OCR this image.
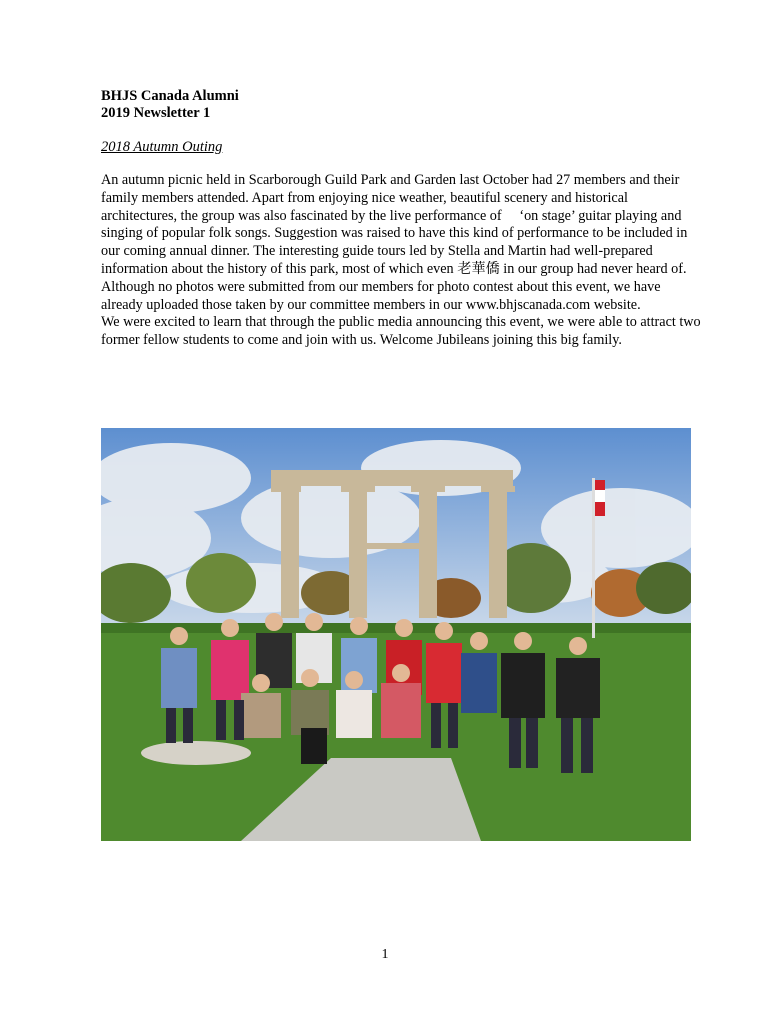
BHJS Canada Alumni
2019 Newsletter 1
2018 Autumn Outing

An autumn picnic held in Scarborough Guild Park and Garden last October had 27 members and their family members attended. Apart from enjoying nice weather, beautiful scenery and historical architectures, the group was also fascinated by the live performance of 　‘on stage’ guitar playing and singing of popular folk songs. Suggestion was raised to have this kind of performance to be included in our coming annual dinner. The interesting guide tours led by Stella and Martin had well-prepared information about the history of this park, most of which even 老華僑 in our group had never heard of.

Although no photos were submitted from our members for photo contest about this event, we have already uploaded those taken by our committee members in our www.bhjscanada.com website.

We were excited to learn that through the public media announcing this event, we were able to attract two former fellow students to come and join with us. Welcome Jubileans joining this big family.

1
